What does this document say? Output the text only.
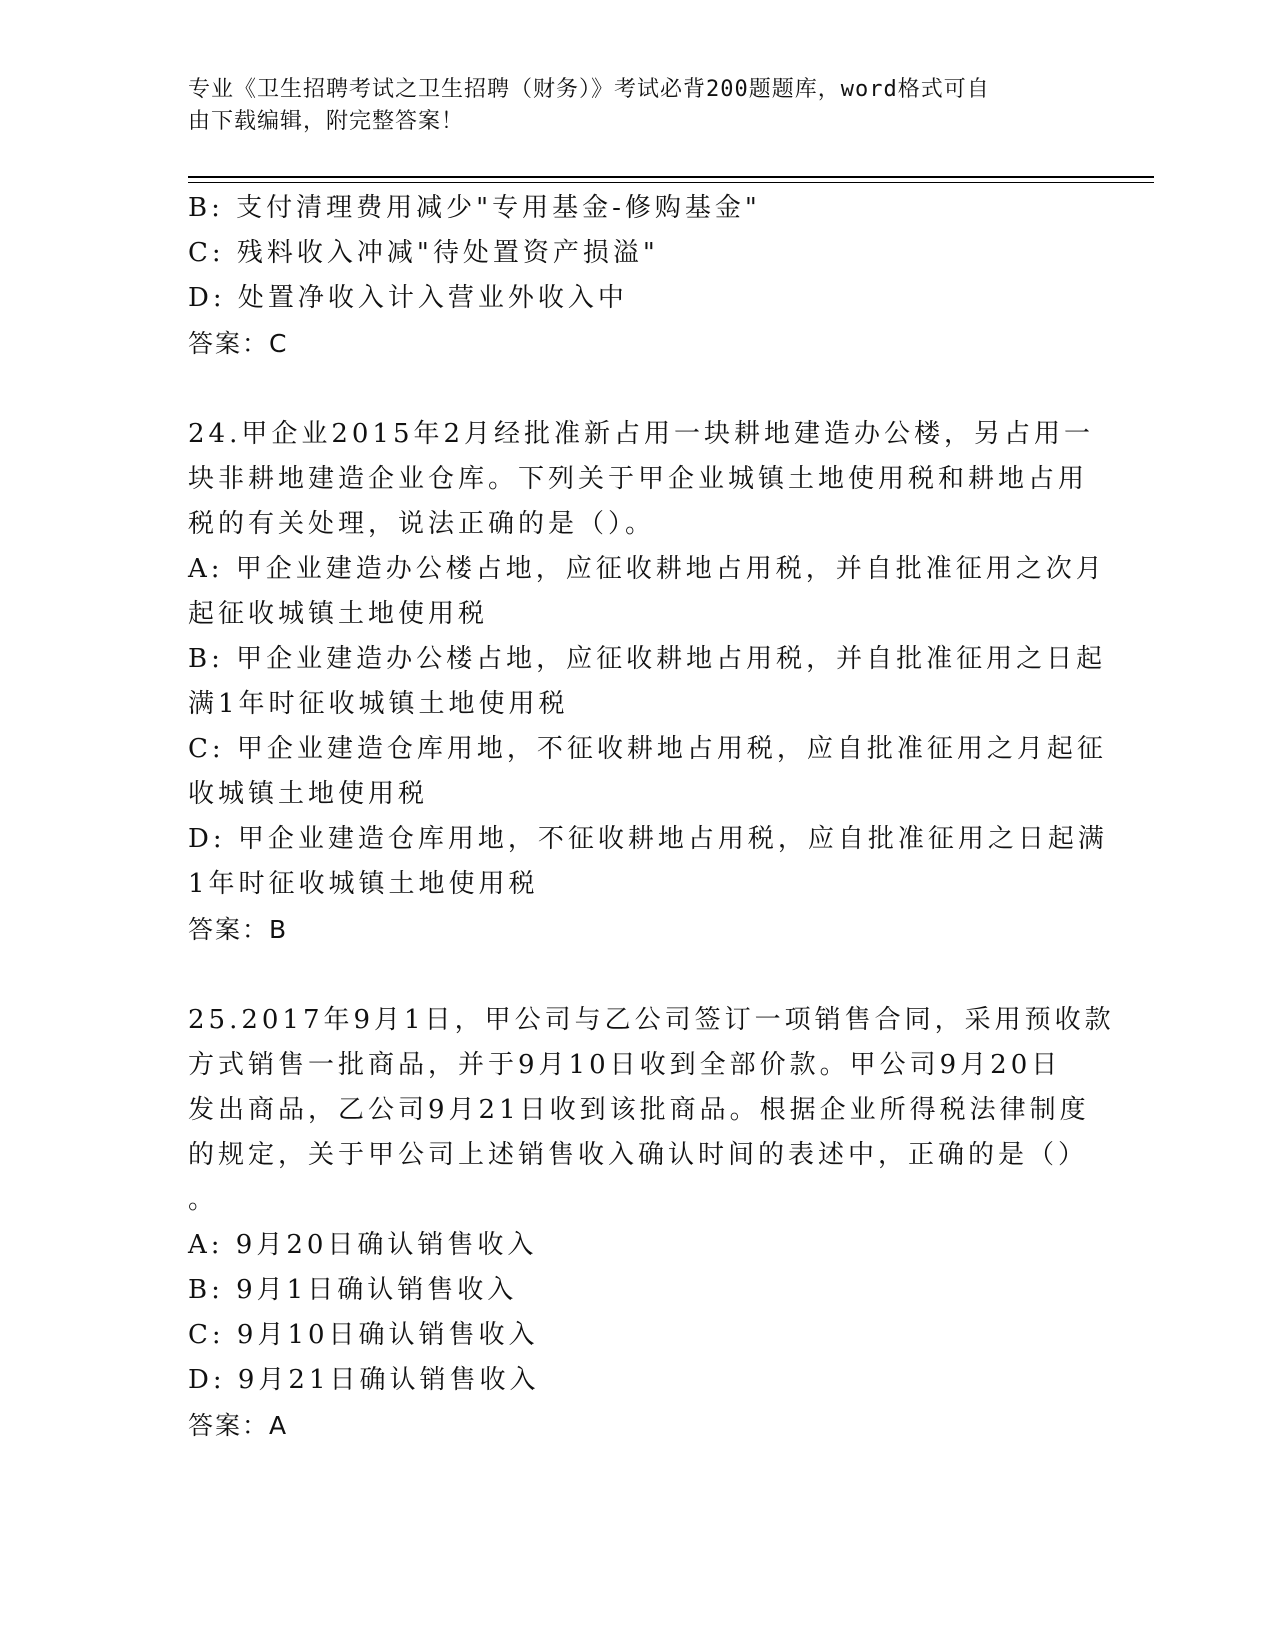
专业《卫生招聘考试之卫生招聘（财务）》考试必背200题题库，word格式可自

由下载编辑，附完整答案！

B: 支付清理费用减少"专用基金-修购基金"
C: 残料收入冲减"待处置资产损溢"
D: 处置净收入计入营业外收入中
答案：C
24.甲企业2015年2月经批准新占用一块耕地建造办公楼，另占用一
块非耕地建造企业仓库。下列关于甲企业城镇土地使用税和耕地占用
税的有关处理，说法正确的是（）。
A: 甲企业建造办公楼占地，应征收耕地占用税，并自批准征用之次月
起征收城镇土地使用税
B: 甲企业建造办公楼占地，应征收耕地占用税，并自批准征用之日起
满1年时征收城镇土地使用税
C: 甲企业建造仓库用地，不征收耕地占用税，应自批准征用之月起征
收城镇土地使用税
D: 甲企业建造仓库用地，不征收耕地占用税，应自批准征用之日起满
1年时征收城镇土地使用税
答案：B
25.2017年9月1日，甲公司与乙公司签订一项销售合同，采用预收款
方式销售一批商品，并于9月10日收到全部价款。甲公司9月20日
发出商品，乙公司9月21日收到该批商品。根据企业所得税法律制度
的规定，关于甲公司上述销售收入确认时间的表述中，正确的是（）
。
A: 9月20日确认销售收入
B: 9月1日确认销售收入
C: 9月10日确认销售收入
D: 9月21日确认销售收入
答案：A
